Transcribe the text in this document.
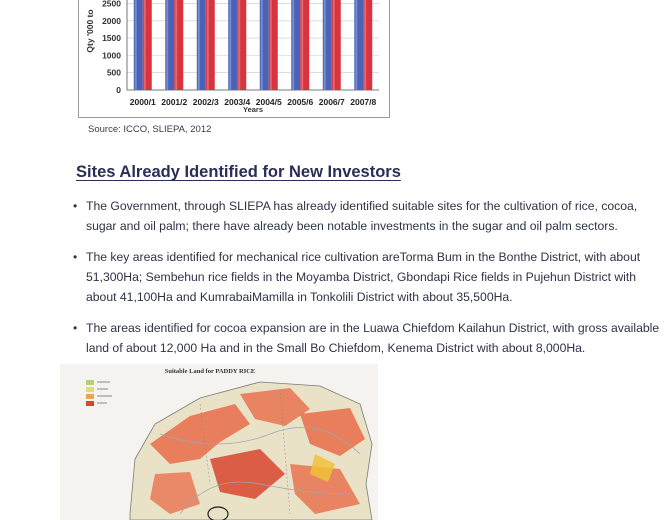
0
500
1000
1500
2000
2500
2000/1 2001/2 2002/3 2003/4 2004/5 2005/6 2006/7 2007/8
Qty '000 to
Years
Source: ICCO, SLIEPA, 2012
Sites Already Identified for New Investors
• The Government, through SLIEPA has already identified suitable sites for the cultivation of rice, cocoa, sugar and oil palm; there have already been notable investments in the sugar and oil palm sectors.
• The key areas identified for mechanical rice cultivation areTorma Bum in the Bonthe District, with about 51,300Ha; Sembehun rice fields in the Moyamba District, Gbondapi Rice fields in Pujehun District with about 41,100Ha and KumrabaiMamilla in Tonkolili District with about 35,500Ha.
• The areas identified for cocoa expansion are in the Luawa Chiefdom Kailahun District, with gross available land of about 12,000 Ha and in the Small Bo Chiefdom, Kenema District with about 8,000Ha.
Suitable Land for PADDY RICE
